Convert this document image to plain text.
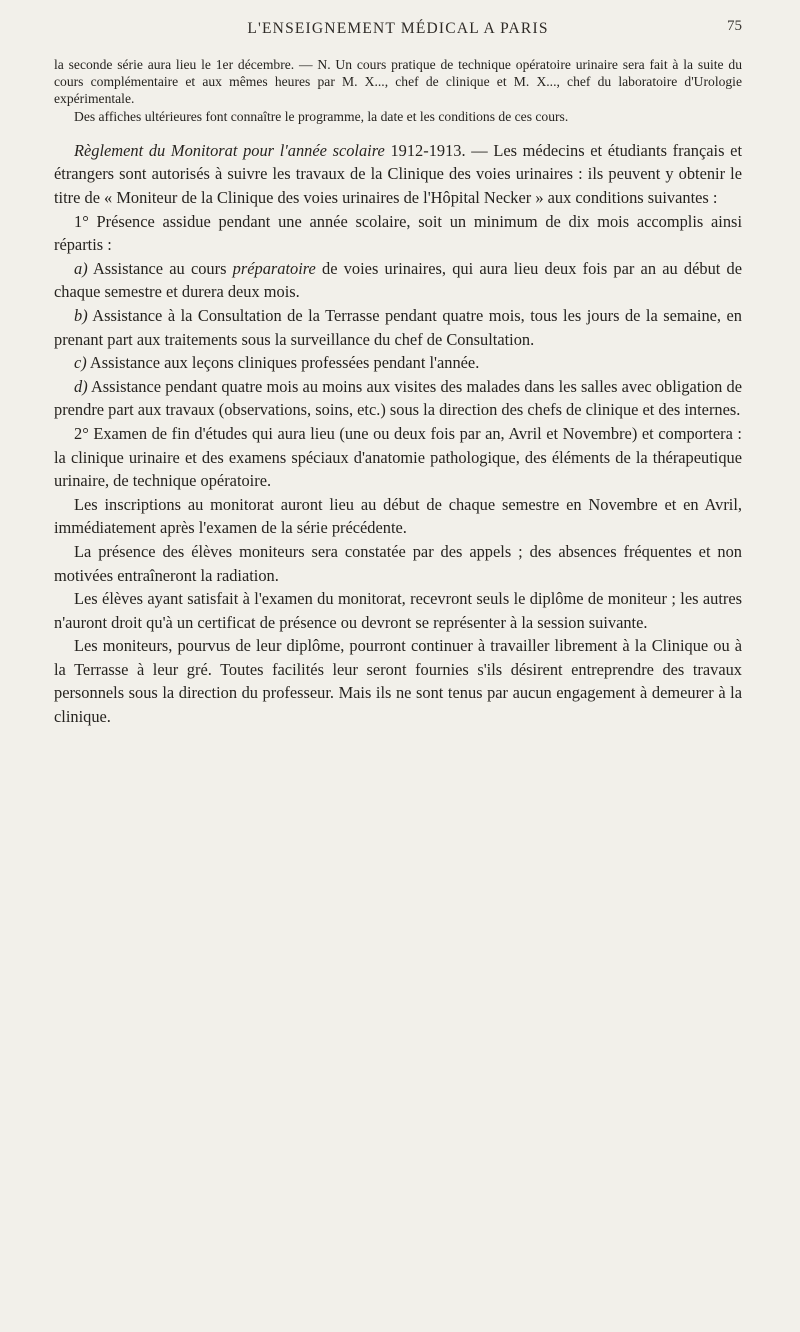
L'ENSEIGNEMENT MÉDICAL A PARIS	75

la seconde série aura lieu le 1er décembre. — N. Un cours pratique de technique opératoire urinaire sera fait à la suite du cours complémentaire et aux mêmes heures par M. X..., chef de clinique et M. X..., chef du laboratoire d'Urologie expérimentale.

Des affiches ultérieures font connaître le programme, la date et les conditions de ces cours.

Règlement du Monitorat pour l'année scolaire 1912-1913. — Les médecins et étudiants français et étrangers sont autorisés à suivre les travaux de la Clinique des voies urinaires : ils peuvent y obtenir le titre de « Moniteur de la Clinique des voies urinaires de l'Hôpital Necker » aux conditions suivantes :

1° Présence assidue pendant une année scolaire, soit un minimum de dix mois accomplis ainsi répartis :

a) Assistance au cours préparatoire de voies urinaires, qui aura lieu deux fois par an au début de chaque semestre et durera deux mois.

b) Assistance à la Consultation de la Terrasse pendant quatre mois, tous les jours de la semaine, en prenant part aux traitements sous la surveillance du chef de Consultation.

c) Assistance aux leçons cliniques professées pendant l'année.

d) Assistance pendant quatre mois au moins aux visites des malades dans les salles avec obligation de prendre part aux travaux (observations, soins, etc.) sous la direction des chefs de clinique et des internes.

2° Examen de fin d'études qui aura lieu (une ou deux fois par an, Avril et Novembre) et comportera : la clinique urinaire et des examens spéciaux d'anatomie pathologique, des éléments de la thérapeutique urinaire, de technique opératoire.

Les inscriptions au monitorat auront lieu au début de chaque semestre en Novembre et en Avril, immédiatement après l'examen de la série précédente.

La présence des élèves moniteurs sera constatée par des appels ; des absences fréquentes et non motivées entraîneront la radiation.

Les élèves ayant satisfait à l'examen du monitorat, recevront seuls le diplôme de moniteur ; les autres n'auront droit qu'à un certificat de présence ou devront se représenter à la session suivante.

Les moniteurs, pourvus de leur diplôme, pourront continuer à travailler librement à la Clinique ou à la Terrasse à leur gré. Toutes facilités leur seront fournies s'ils désirent entreprendre des travaux personnels sous la direction du professeur. Mais ils ne sont tenus par aucun engagement à demeurer à la clinique.
